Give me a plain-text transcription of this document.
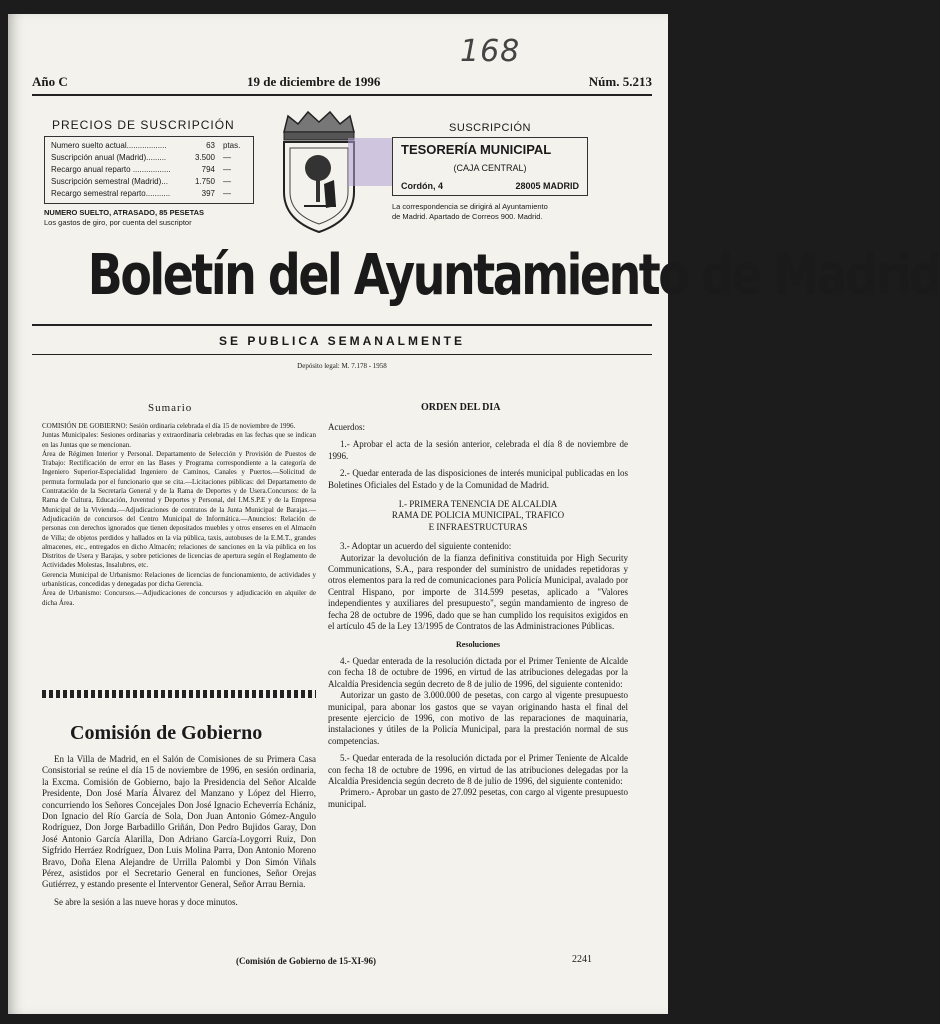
168
Año C	19 de diciembre de 1996	Núm. 5.213
PRECIOS DE SUSCRIPCIÓN
Numero suelto actual..................	63	ptas.
Suscripción anual (Madrid).........	3.500	—
Recargo anual reparto .................	794	—
Suscripción semestral (Madrid)...	1.750	—
Recargo semestral reparto...........	397	—
NUMERO SUELTO, ATRASADO, 85 PESETAS
Los gastos de giro, por cuenta del suscriptor
SUSCRIPCIÓN
TESORERÍA MUNICIPAL
(CAJA CENTRAL)
Cordón, 4	28005 MADRID
La correspondencia se dirigirá al Ayuntamiento
de Madrid. Apartado de Correos 900. Madrid.
Boletín del Ayuntamiento de Madrid
SE PUBLICA SEMANALMENTE
Depósito legal: M. 7.178 - 1958
Sumario

COMISIÓN DE GOBIERNO: Sesión ordinaria celebrada el día 15 de noviembre de 1996.

Juntas Municipales: Sesiones ordinarias y extraordinaria celebradas en las fechas que se indican en las Juntas que se mencionan.

Área de Régimen Interior y Personal. Departamento de Selección y Provisión de Puestos de Trabajo: Rectificación de error en las Bases y Programa correspondiente a la categoría de Ingeniero Superior-Especialidad Ingeniero de Caminos, Canales y Puertos.—Solicitud de permuta formulada por el funcionario que se cita.—Licitaciones públicas: del Departamento de Contratación de la Secretaría General y de la Rama de Deportes y de Usera.Concursos: de la Rama de Cultura, Educación, Juventud y Deportes y Personal, del I.M.S.P.E y de la Empresa Municipal de la Vivienda.—Adjudicaciones de contratos de la Junta Municipal de Barajas.—Adjudicación de concursos del Centro Municipal de Informática.—Anuncios: Relación de personas con derechos ignorados que tienen depositados muebles y otros enseres en el Almacén de Villa; de objetos perdidos y hallados en la vía pública, taxis, autobuses de la E.M.T., grandes almacenes, etc., entregados en dicho Almacén; relaciones de sanciones en la vía pública en los Distritos de Usera y Barajas, y sobre peticiones de licencias de apertura según el Reglamento de Actividades Molestas, Insalubres, etc.

Gerencia Municipal de Urbanismo: Relaciones de licencias de funcionamiento, de actividades y urbanísticas, concedidas y denegadas por dicha Gerencia.

Área de Urbanismo: Concursos.—Adjudicaciones de concursos y adjudicación en alquiler de dicha Área.

Comisión de Gobierno

En la Villa de Madrid, en el Salón de Comisiones de su Primera Casa Consistorial se reúne el día 15 de noviembre de 1996, en sesión ordinaria, la Excma. Comisión de Gobierno, bajo la Presidencia del Señor Alcalde Presidente, Don José María Álvarez del Manzano y López del Hierro, concurriendo los Señores Concejales Don José Ignacio Echeverría Echániz, Don Ignacio del Río García de Sola, Don Juan Antonio Gómez-Angulo Rodríguez, Don Jorge Barbadillo Griñán, Don Pedro Bujidos Garay, Don José Antonio García Alarilla, Don Adriano García-Loygorri Ruiz, Don Sigfrido Herráez Rodríguez, Don Luis Molina Parra, Don Antonio Moreno Bravo, Doña Elena Alejandre de Urrilla Palombi y Don Simón Viñals Pérez, asistidos por el Secretario General en funciones, Señor Orejas Gutiérrez, y estando presente el Interventor General, Señor Arrau Bernia.

Se abre la sesión a las nueve horas y doce minutos.

ORDEN DEL DIA

Acuerdos:

1.- Aprobar el acta de la sesión anterior, celebrada el día 8 de noviembre de 1996.

2.- Quedar enterada de las disposiciones de interés municipal publicadas en los Boletines Oficiales del Estado y de la Comunidad de Madrid.

I.- PRIMERA TENENCIA DE ALCALDIA
RAMA DE POLICIA MUNICIPAL, TRAFICO
E INFRAESTRUCTURAS

3.- Adoptar un acuerdo del siguiente contenido:

Autorizar la devolución de la fianza definitiva constituida por High Security Communications, S.A., para responder del suministro de unidades repetidoras y otros elementos para la red de comunicaciones para Policía Municipal, avalado por Central Hispano, por importe de 314.599 pesetas, aplicado a "Valores independientes y auxiliares del presupuesto", según mandamiento de ingreso de fecha 28 de octubre de 1996, dado que se han cumplido los requisitos exigidos en el artículo 45 de la Ley 13/1995 de Contratos de las Administraciones Públicas.

Resoluciones

4.- Quedar enterada de la resolución dictada por el Primer Teniente de Alcalde con fecha 18 de octubre de 1996, en virtud de las atribuciones delegadas por la Alcaldía Presidencia según decreto de 8 de julio de 1996, del siguiente contenido:

Autorizar un gasto de 3.000.000 de pesetas, con cargo al vigente presupuesto municipal, para abonar los gastos que se vayan originando hasta el final del presente ejercicio de 1996, con motivo de las reparaciones de maquinaria, instalaciones y útiles de la Policía Municipal, para la prestación normal de sus competencias.

5.- Quedar enterada de la resolución dictada por el Primer Teniente de Alcalde con fecha 18 de octubre de 1996, en virtud de las atribuciones delegadas por la Alcaldía Presidencia según decreto de 8 de julio de 1996, del siguiente contenido:

Primero.- Aprobar un gasto de 27.092 pesetas, con cargo al vigente presupuesto municipal.

(Comisión de Gobierno de 15-XI-96)	2241
